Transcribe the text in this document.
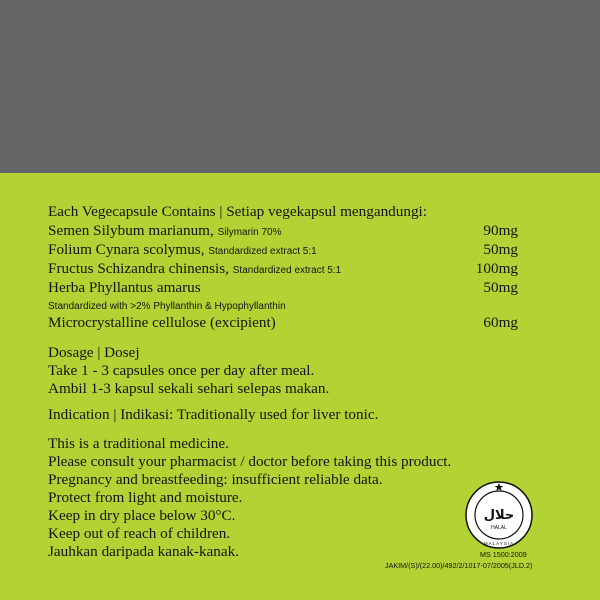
Each Vegecapsule Contains | Setiap vegekapsul mengandungi:
Semen Silybum marianum, Silymarin 70%	90mg
Folium Cynara scolymus, Standardized extract 5:1	50mg
Fructus Schizandra chinensis, Standardized extract 5:1	100mg
Herba Phyllantus amarus	50mg
Standardized with >2% Phyllanthin & Hypophyllanthin
Microcrystalline cellulose (excipient)	60mg
Dosage | Dosej
Take 1 - 3 capsules once per day after meal.
Ambil 1-3 kapsul sekali sehari selepas makan.
Indication | Indikasi: Traditionally used for liver tonic.
This is a traditional medicine.
Please consult your pharmacist / doctor before taking this product.
Pregnancy and breastfeeding: insufficient reliable data.
Protect from light and moisture.
Keep in dry place below 30°C.
Keep out of reach of children.
Jauhkan daripada kanak-kanak.
حلال
HALAL
MALAYSIA
MS 1500:2009
JAKIM/(S)/(22.00)/492/2/1017-07/2005(JLD.2)
